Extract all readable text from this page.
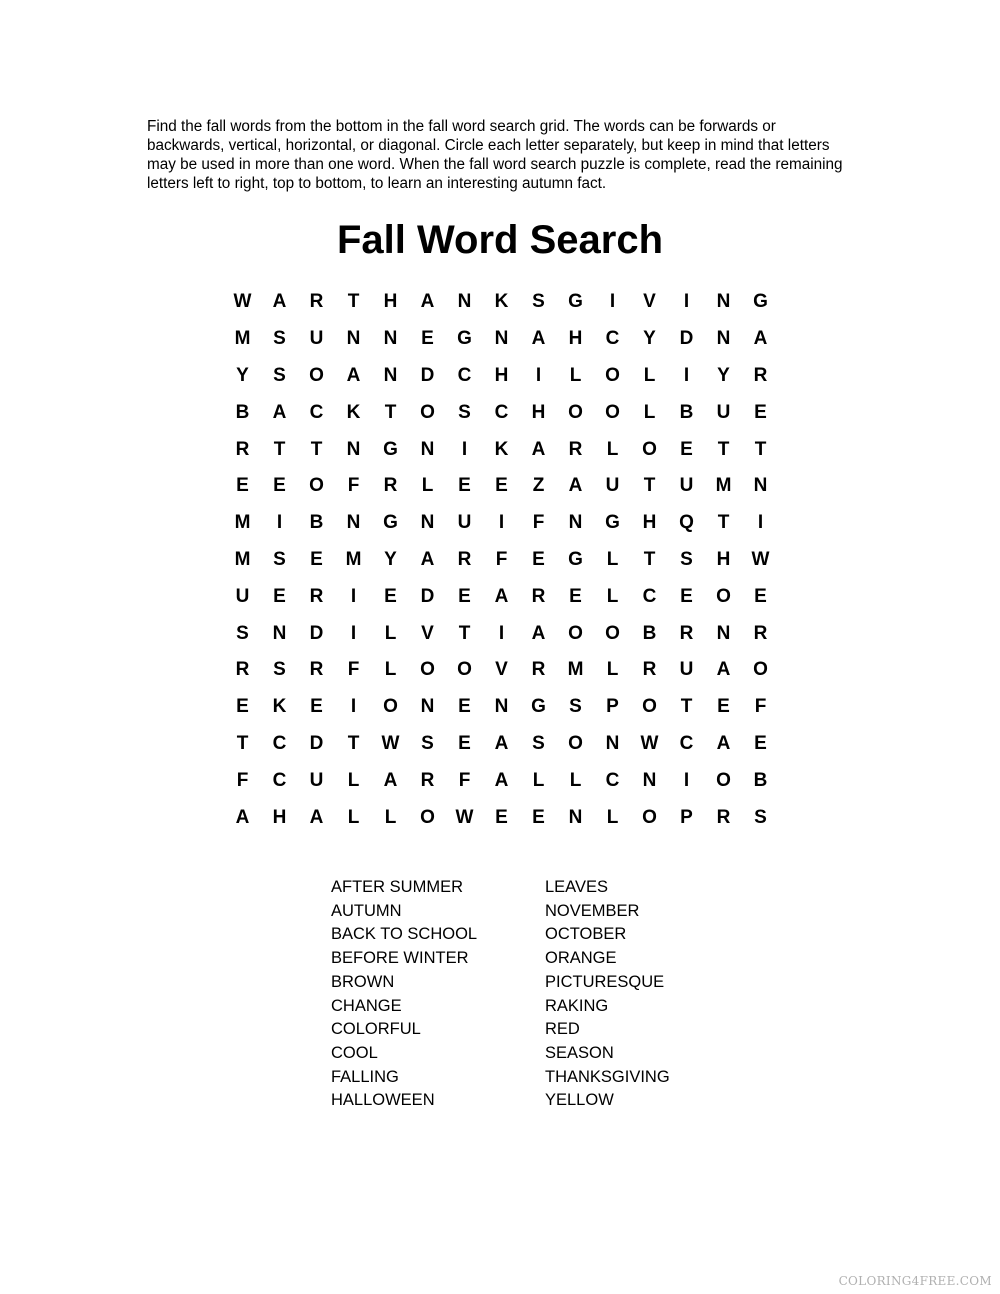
Find the fall words from the bottom in the fall word search grid. The words can be forwards or backwards, vertical, horizontal, or diagonal. Circle each letter separately, but keep in mind that letters may be used in more than one word. When the fall word search puzzle is complete, read the remaining letters left to right, top to bottom, to learn an interesting autumn fact.

Fall Word Search
W	A	R	T	H	A	N	K	S	G	I	V	I	N	G
M	S	U	N	N	E	G	N	A	H	C	Y	D	N	A
Y	S	O	A	N	D	C	H	I	L	O	L	I	Y	R
B	A	C	K	T	O	S	C	H	O	O	L	B	U	E
R	T	T	N	G	N	I	K	A	R	L	O	E	T	T
E	E	O	F	R	L	E	E	Z	A	U	T	U	M	N
M	I	B	N	G	N	U	I	F	N	G	H	Q	T	I
M	S	E	M	Y	A	R	F	E	G	L	T	S	H	W
U	E	R	I	E	D	E	A	R	E	L	C	E	O	E
S	N	D	I	L	V	T	I	A	O	O	B	R	N	R
R	S	R	F	L	O	O	V	R	M	L	R	U	A	O
E	K	E	I	O	N	E	N	G	S	P	O	T	E	F
T	C	D	T	W	S	E	A	S	O	N	W	C	A	E
F	C	U	L	A	R	F	A	L	L	C	N	I	O	B
A	H	A	L	L	O	W	E	E	N	L	O	P	R	S
AFTER SUMMER
AUTUMN
BACK TO SCHOOL
BEFORE WINTER
BROWN
CHANGE
COLORFUL
COOL
FALLING
HALLOWEEN
LEAVES
NOVEMBER
OCTOBER
ORANGE
PICTURESQUE
RAKING
RED
SEASON
THANKSGIVING
YELLOW
COLORING4FREE.COM
